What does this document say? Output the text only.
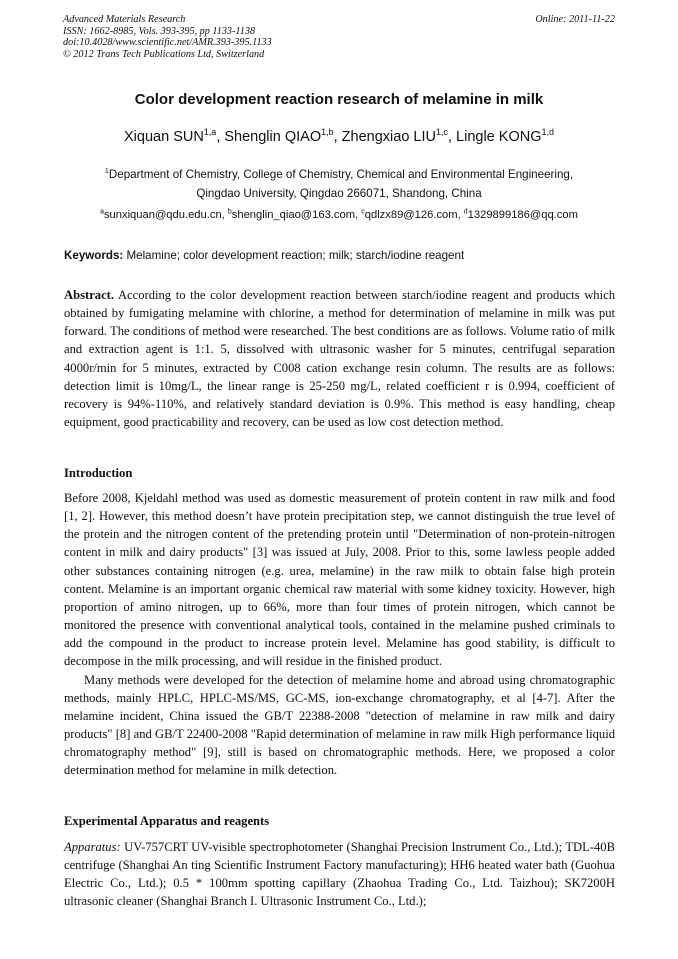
Advanced Materials Research
ISSN: 1662-8985, Vols. 393-395, pp 1133-1138
doi:10.4028/www.scientific.net/AMR.393-395.1133
© 2012 Trans Tech Publications Ltd, Switzerland
Online: 2011-11-22
Color development reaction research of melamine in milk
Xiquan SUN$^{1,a}$, Shenglin QIAO$^{1,b}$, Zhengxiao LIU$^{1,c}$, Lingle KONG$^{1,d}$
$^1$Department of Chemistry, College of Chemistry, Chemical and Environmental Engineering,
Qingdao University, Qingdao 266071, Shandong, China
$^a$sunxiquan@qdu.edu.cn, $^b$shenglin_qiao@163.com, $^c$qdlzx89@126.com, $^d$1329899186@qq.com
Keywords: Melamine; color development reaction; milk; starch/iodine reagent
Abstract. According to the color development reaction between starch/iodine reagent and products which obtained by fumigating melamine with chlorine, a method for determination of melamine in milk was put forward. The conditions of method were researched. The best conditions are as follows. Volume ratio of milk and extraction agent is 1:1. 5, dissolved with ultrasonic washer for 5 minutes, centrifugal separation 4000r/min for 5 minutes, extracted by C008 cation exchange resin column. The results are as follows: detection limit is 10mg/L, the linear range is 25-250 mg/L, related coefficient r is 0.994, coefficient of recovery is 94%-110%, and relatively standard deviation is 0.9%. This method is easy handling, cheap equipment, good practicability and recovery, can be used as low cost detection method.
Introduction

Before 2008, Kjeldahl method was used as domestic measurement of protein content in raw milk and food [1, 2]. However, this method doesn’t have protein precipitation step, we cannot distinguish the true level of the protein and the nitrogen content of the pretending protein until "Determination of non-protein-nitrogen content in milk and dairy products" [3] was issued at July, 2008. Prior to this, some lawless people added other substances containing nitrogen (e.g. urea, melamine) in the raw milk to obtain false high protein content. Melamine is an important organic chemical raw material with some kidney toxicity. However, high proportion of amino nitrogen, up to 66%, more than four times of protein nitrogen, which cannot be monitored the presence with conventional analytical tools, contained in the melamine pushed criminals to add the compound in the product to increase protein level. Melamine has good stability, is difficult to decompose in the milk processing, and will residue in the finished product.

Many methods were developed for the detection of melamine home and abroad using chromatographic methods, mainly HPLC, HPLC-MS/MS, GC-MS, ion-exchange chromatography, et al [4-7]. After the melamine incident, China issued the GB/T 22388-2008 "detection of melamine in raw milk and dairy products" [8] and GB/T 22400-2008 "Rapid determination of melamine in raw milk High performance liquid chromatography method" [9], still is based on chromatographic methods. Here, we proposed a color determination method for melamine in milk detection.

Experimental Apparatus and reagents
Apparatus: UV-757CRT UV-visible spectrophotometer (Shanghai Precision Instrument Co., Ltd.); TDL-40B centrifuge (Shanghai An ting Scientific Instrument Factory manufacturing); HH6 heated water bath (Guohua Electric Co., Ltd.); 0.5 * 100mm spotting capillary (Zhaohua Trading Co., Ltd. Taizhou); SK7200H ultrasonic cleaner (Shanghai Branch I. Ultrasonic Instrument Co., Ltd.);
